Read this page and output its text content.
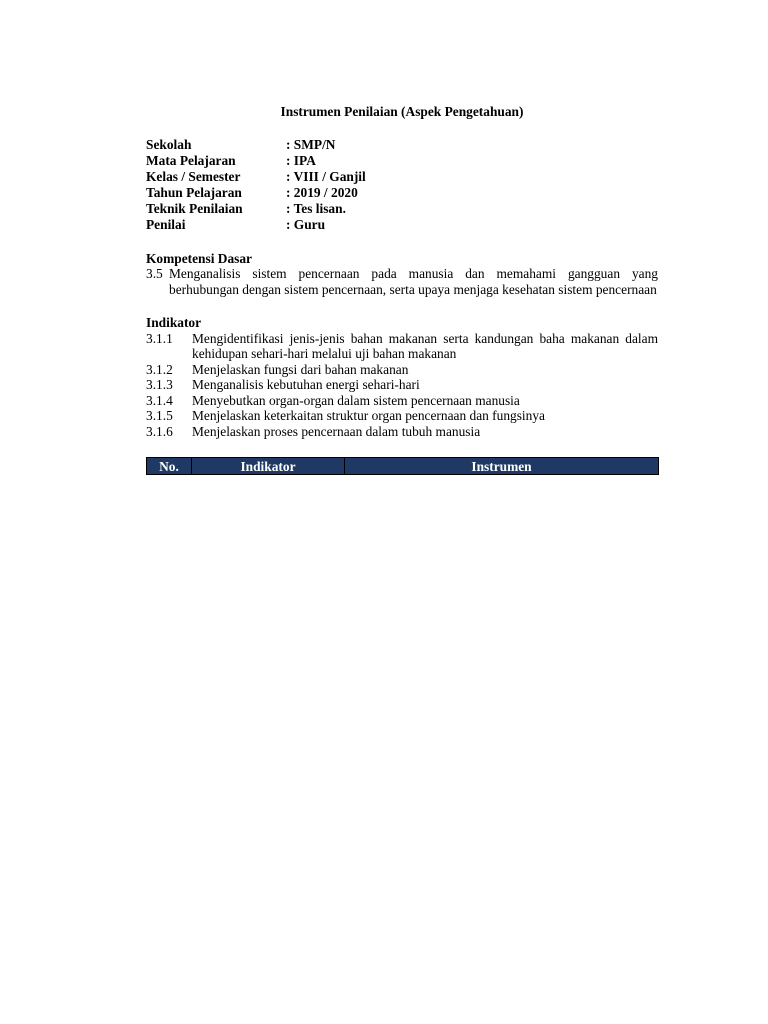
Instrumen Penilaian (Aspek Pengetahuan)
Sekolah	: SMP/N
Mata Pelajaran	: IPA
Kelas / Semester	: VIII / Ganjil
Tahun Pelajaran	: 2019 / 2020
Teknik Penilaian	: Tes lisan.
Penilai	: Guru
Kompetensi Dasar
3.5 Menganalisis sistem pencernaan pada manusia dan memahami gangguan yang berhubungan dengan sistem pencernaan, serta upaya menjaga kesehatan sistem pencernaan
Indikator
3.1.1	Mengidentifikasi jenis-jenis bahan makanan serta kandungan baha makanan dalam kehidupan sehari-hari melalui uji bahan makanan
3.1.2	Menjelaskan fungsi dari bahan makanan
3.1.3	Menganalisis kebutuhan energi sehari-hari
3.1.4	Menyebutkan organ-organ dalam sistem pencernaan manusia
3.1.5	Menjelaskan keterkaitan struktur organ pencernaan dan fungsinya
3.1.6	Menjelaskan proses pencernaan dalam tubuh manusia
No.	Indikator	Instrumen
